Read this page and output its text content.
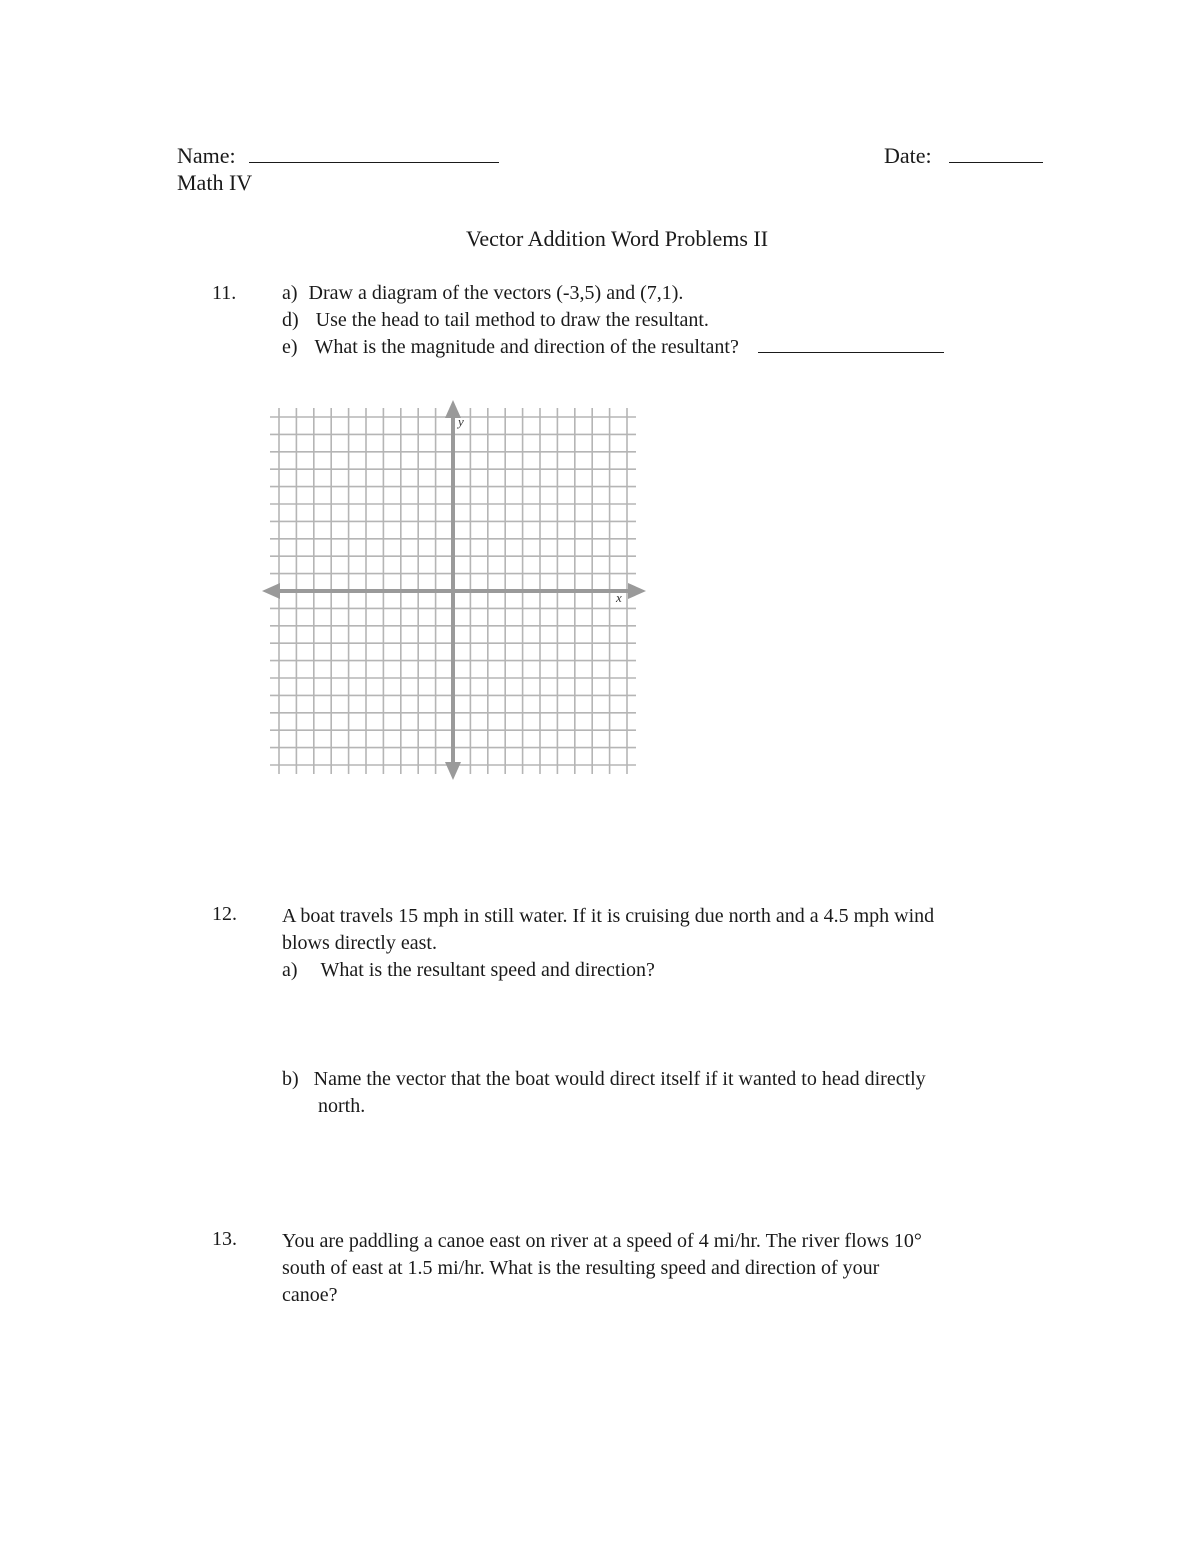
Name:	Date:
Math IV
Vector Addition Word Problems II
11. a) Draw a diagram of the vectors (-3,5) and (7,1).
d) Use the head to tail method to draw the resultant.
e) What is the magnitude and direction of the resultant?
y
x
12. A boat travels 15 mph in still water. If it is cruising due north and a 4.5 mph wind
blows directly east.
a) What is the resultant speed and direction?
b) Name the vector that the boat would direct itself if it wanted to head directly
north.
13. You are paddling a canoe east on river at a speed of 4 mi/hr. The river flows 10°
south of east at 1.5 mi/hr. What is the resulting speed and direction of your
canoe?
